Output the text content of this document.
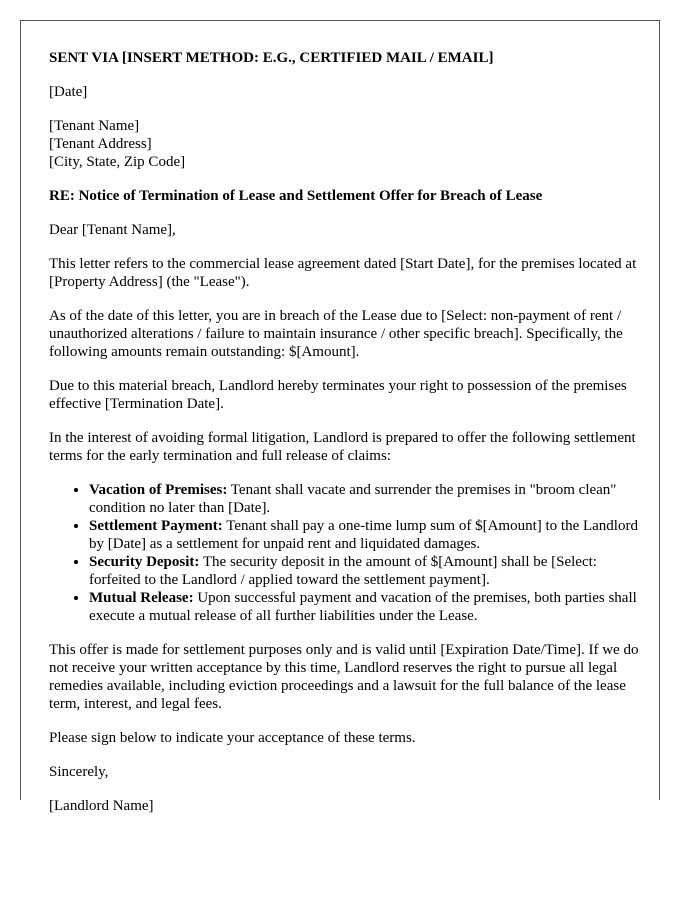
SENT VIA [INSERT METHOD: E.G., CERTIFIED MAIL / EMAIL]

[Date]

[Tenant Name]
[Tenant Address]
[City, State, Zip Code]

RE: Notice of Termination of Lease and Settlement Offer for Breach of Lease

Dear [Tenant Name],

This letter refers to the commercial lease agreement dated [Start Date], for the premises located at [Property Address] (the "Lease").

As of the date of this letter, you are in breach of the Lease due to [Select: non-payment of rent / unauthorized alterations / failure to maintain insurance / other specific breach]. Specifically, the following amounts remain outstanding: $[Amount].

Due to this material breach, Landlord hereby terminates your right to possession of the premises effective [Termination Date].

In the interest of avoiding formal litigation, Landlord is prepared to offer the following settlement terms for the early termination and full release of claims:

• Vacation of Premises: Tenant shall vacate and surrender the premises in "broom clean" condition no later than [Date].
• Settlement Payment: Tenant shall pay a one-time lump sum of $[Amount] to the Landlord by [Date] as a settlement for unpaid rent and liquidated damages.
• Security Deposit: The security deposit in the amount of $[Amount] shall be [Select: forfeited to the Landlord / applied toward the settlement payment].
• Mutual Release: Upon successful payment and vacation of the premises, both parties shall execute a mutual release of all further liabilities under the Lease.

This offer is made for settlement purposes only and is valid until [Expiration Date/Time]. If we do not receive your written acceptance by this time, Landlord reserves the right to pursue all legal remedies available, including eviction proceedings and a lawsuit for the full balance of the lease term, interest, and legal fees.

Please sign below to indicate your acceptance of these terms.

Sincerely,

[Landlord Name]
